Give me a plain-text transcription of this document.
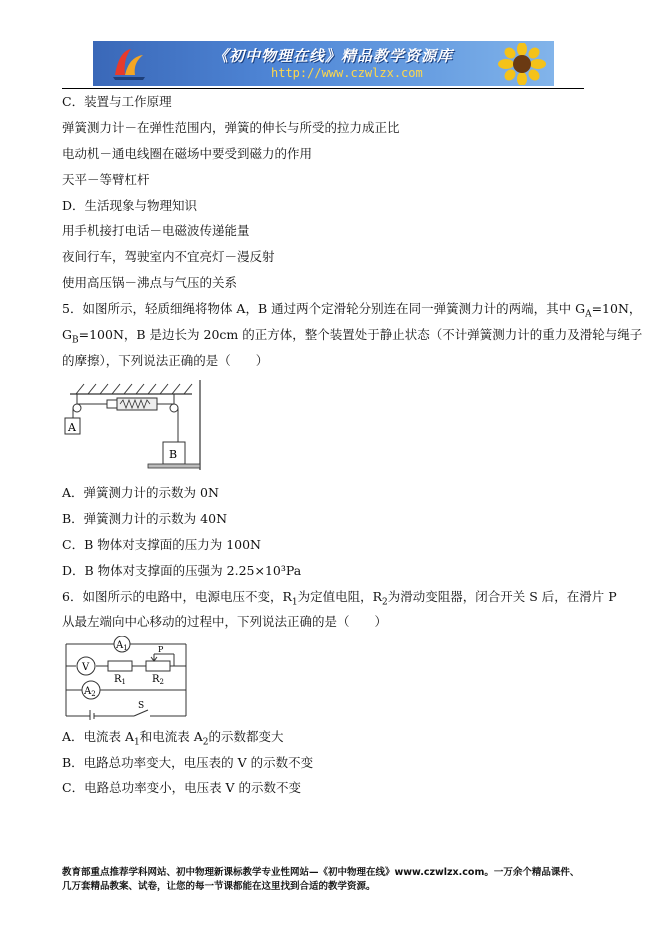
《初中物理在线》精品教学资源库
http://www.czwlzx.com
C．装置与工作原理
弹簧测力计－在弹性范围内，弹簧的伸长与所受的拉力成正比
电动机－通电线圈在磁场中要受到磁力的作用
天平－等臂杠杆
D．生活现象与物理知识
用手机接打电话－电磁波传递能量
夜间行车，驾驶室内不宜亮灯－漫反射
使用高压锅－沸点与气压的关系
5．如图所示，轻质细绳将物体 A，B 通过两个定滑轮分别连在同一弹簧测力计的两端，其中 $G_A=10N$，
$G_B=100N$，B 是边长为 20cm 的正方体，整个装置处于静止状态（不计弹簧测力计的重力及滑轮与绳子
的摩擦），下列说法正确的是（　　）
A
B
A．弹簧测力计的示数为 0N
B．弹簧测力计的示数为 40N
C．B 物体对支撑面的压力为 100N
D．B 物体对支撑面的压强为 2.25×10³Pa
6．如图所示的电路中，电源电压不变，$R_1$为定值电阻，$R_2$为滑动变阻器，闭合开关 S 后，在滑片 P
从最左端向中心移动的过程中，下列说法正确的是（　　）
V
$A_1$
$A_2$
$R_1$	$R_2$
P
S
A．电流表 $A_1$和电流表 $A_2$的示数都变大
B．电路总功率变大，电压表的 V 的示数不变
C．电路总功率变小，电压表 V 的示数不变
教育部重点推荐学科网站、初中物理新课标教学专业性网站—《初中物理在线》www.czwlzx.com。一万余个精品课件、
几万套精品教案、试卷，让您的每一节课都能在这里找到合适的教学资源。
